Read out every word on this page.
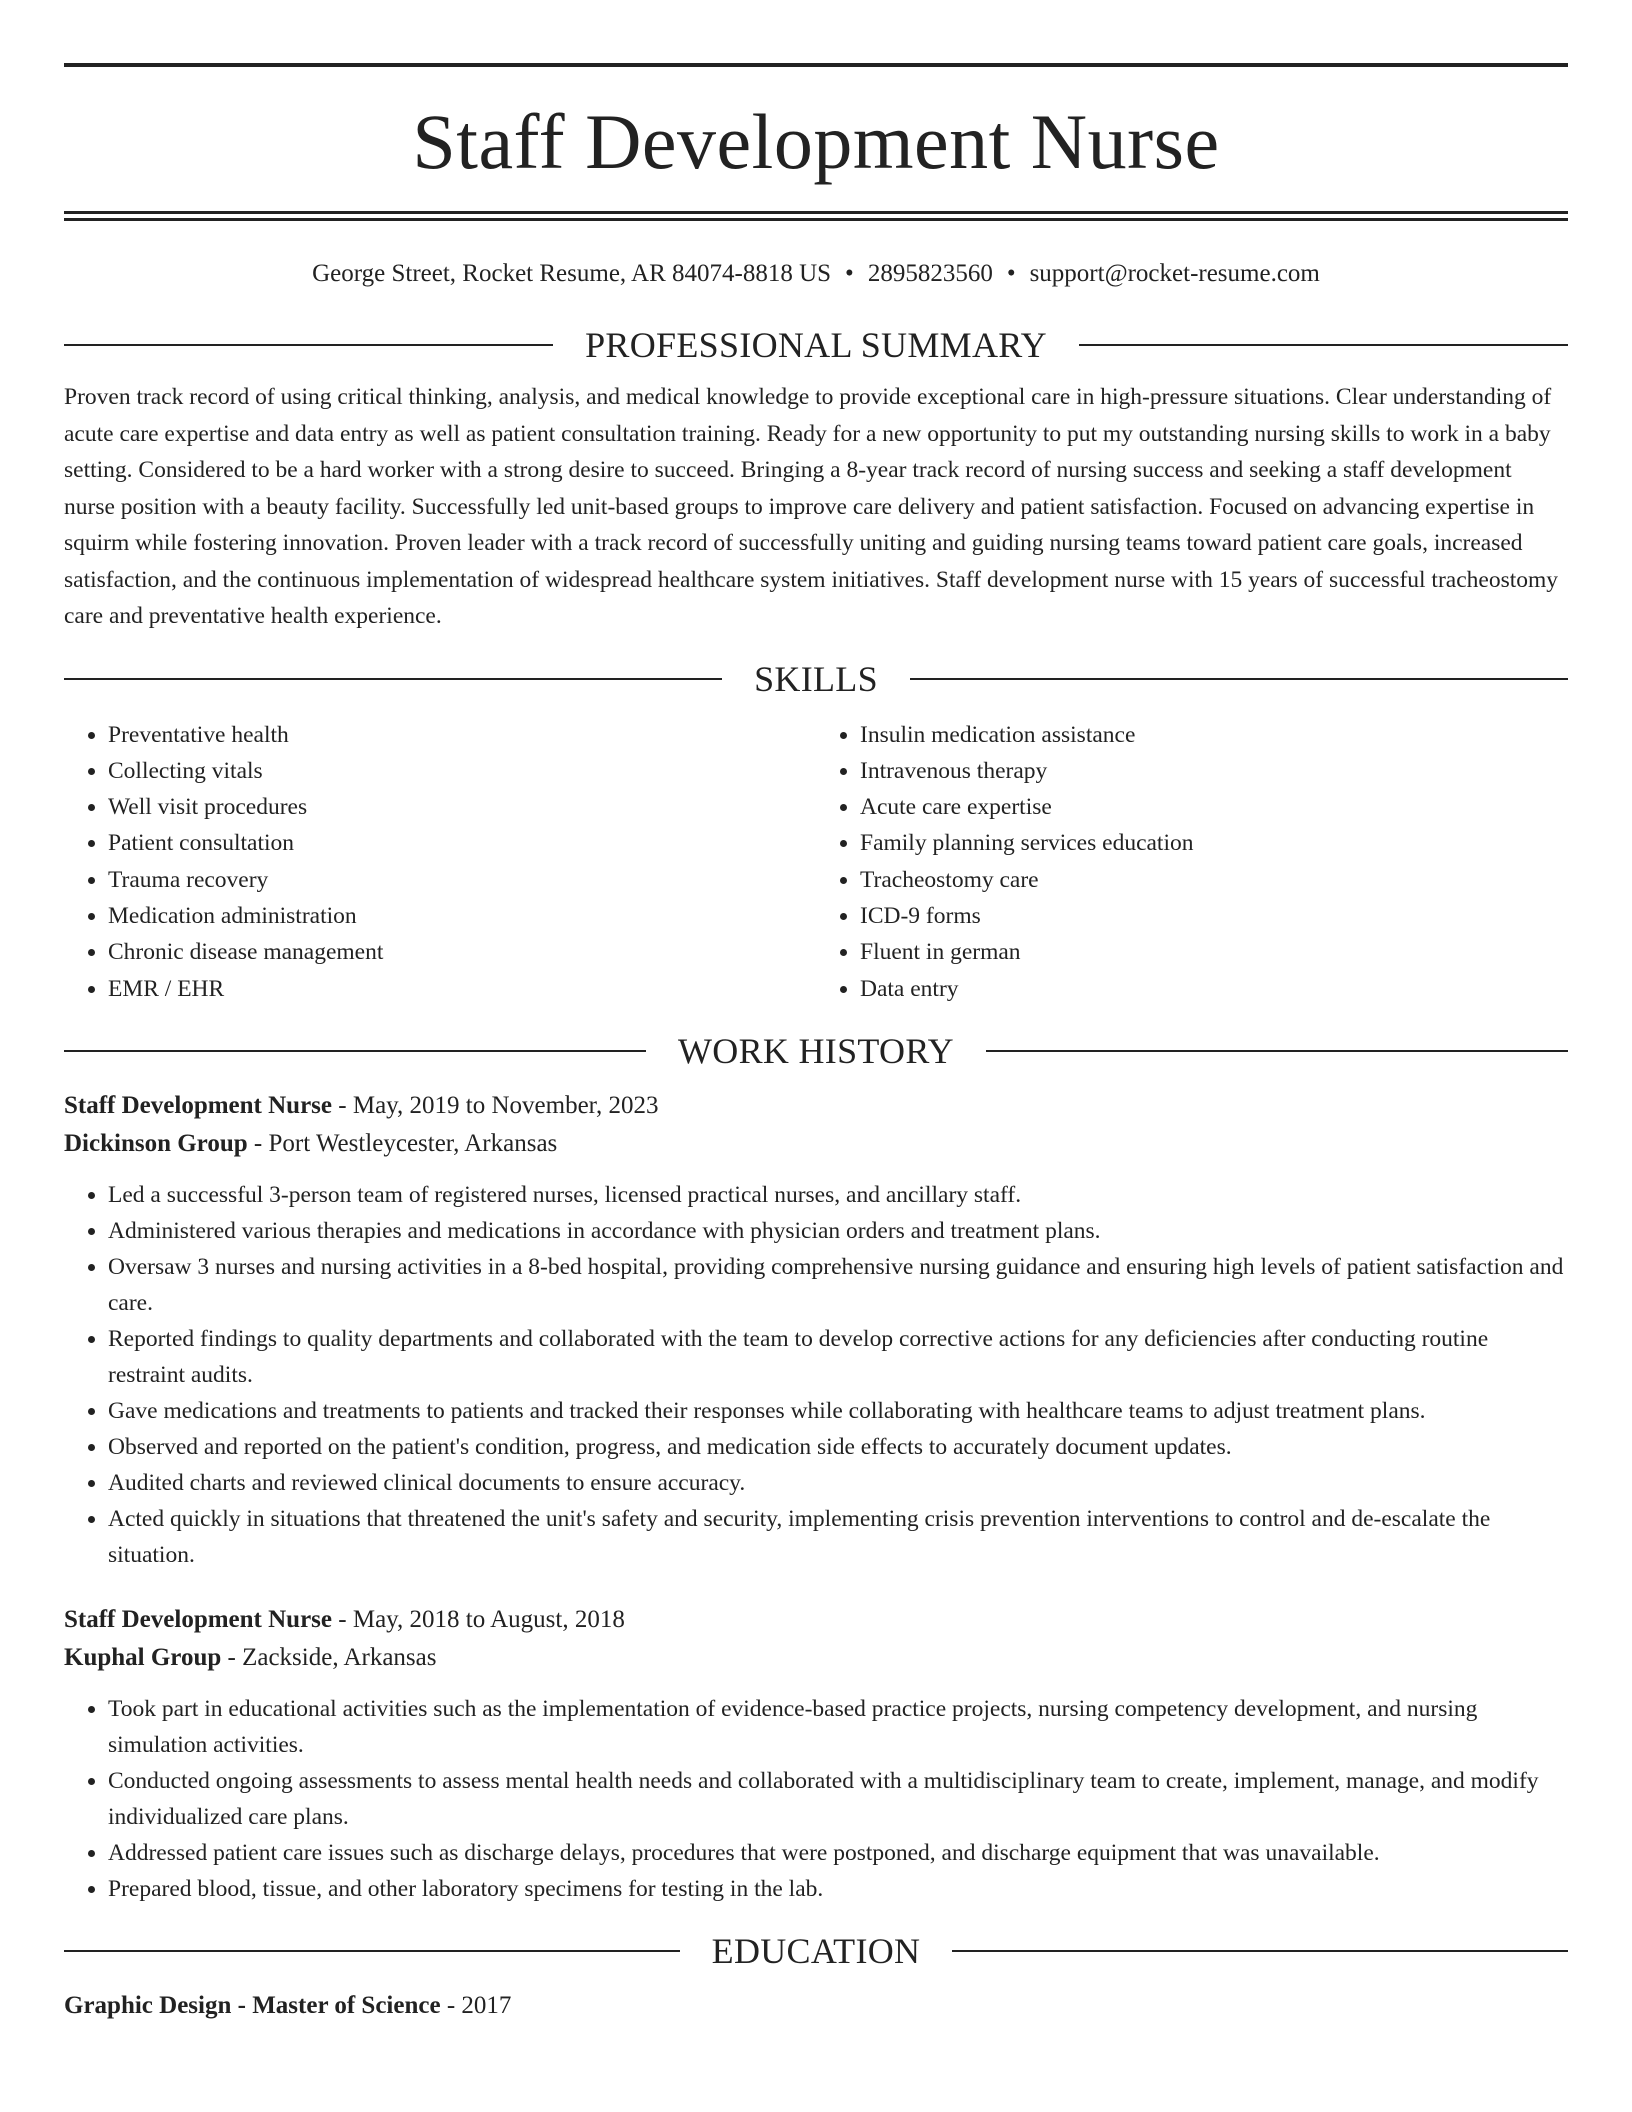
Staff Development Nurse
George Street, Rocket Resume, AR 84074-8818 US • 2895823560 • support@rocket-resume.com
PROFESSIONAL SUMMARY
Proven track record of using critical thinking, analysis, and medical knowledge to provide exceptional care in high-pressure situations. Clear understanding of acute care expertise and data entry as well as patient consultation training. Ready for a new opportunity to put my outstanding nursing skills to work in a baby setting. Considered to be a hard worker with a strong desire to succeed. Bringing a 8-year track record of nursing success and seeking a staff development nurse position with a beauty facility. Successfully led unit-based groups to improve care delivery and patient satisfaction. Focused on advancing expertise in squirm while fostering innovation. Proven leader with a track record of successfully uniting and guiding nursing teams toward patient care goals, increased satisfaction, and the continuous implementation of widespread healthcare system initiatives. Staff development nurse with 15 years of successful tracheostomy care and preventative health experience.
SKILLS
• Preventative health
• Collecting vitals
• Well visit procedures
• Patient consultation
• Trauma recovery
• Medication administration
• Chronic disease management
• EMR / EHR
• Insulin medication assistance
• Intravenous therapy
• Acute care expertise
• Family planning services education
• Tracheostomy care
• ICD-9 forms
• Fluent in german
• Data entry
WORK HISTORY
Staff Development Nurse - May, 2019 to November, 2023
Dickinson Group - Port Westleycester, Arkansas
• Led a successful 3-person team of registered nurses, licensed practical nurses, and ancillary staff.
• Administered various therapies and medications in accordance with physician orders and treatment plans.
• Oversaw 3 nurses and nursing activities in a 8-bed hospital, providing comprehensive nursing guidance and ensuring high levels of patient satisfaction and care.
• Reported findings to quality departments and collaborated with the team to develop corrective actions for any deficiencies after conducting routine restraint audits.
• Gave medications and treatments to patients and tracked their responses while collaborating with healthcare teams to adjust treatment plans.
• Observed and reported on the patient's condition, progress, and medication side effects to accurately document updates.
• Audited charts and reviewed clinical documents to ensure accuracy.
• Acted quickly in situations that threatened the unit's safety and security, implementing crisis prevention interventions to control and de-escalate the situation.
Staff Development Nurse - May, 2018 to August, 2018
Kuphal Group - Zackside, Arkansas
• Took part in educational activities such as the implementation of evidence-based practice projects, nursing competency development, and nursing simulation activities.
• Conducted ongoing assessments to assess mental health needs and collaborated with a multidisciplinary team to create, implement, manage, and modify individualized care plans.
• Addressed patient care issues such as discharge delays, procedures that were postponed, and discharge equipment that was unavailable.
• Prepared blood, tissue, and other laboratory specimens for testing in the lab.
EDUCATION
Graphic Design - Master of Science - 2017
